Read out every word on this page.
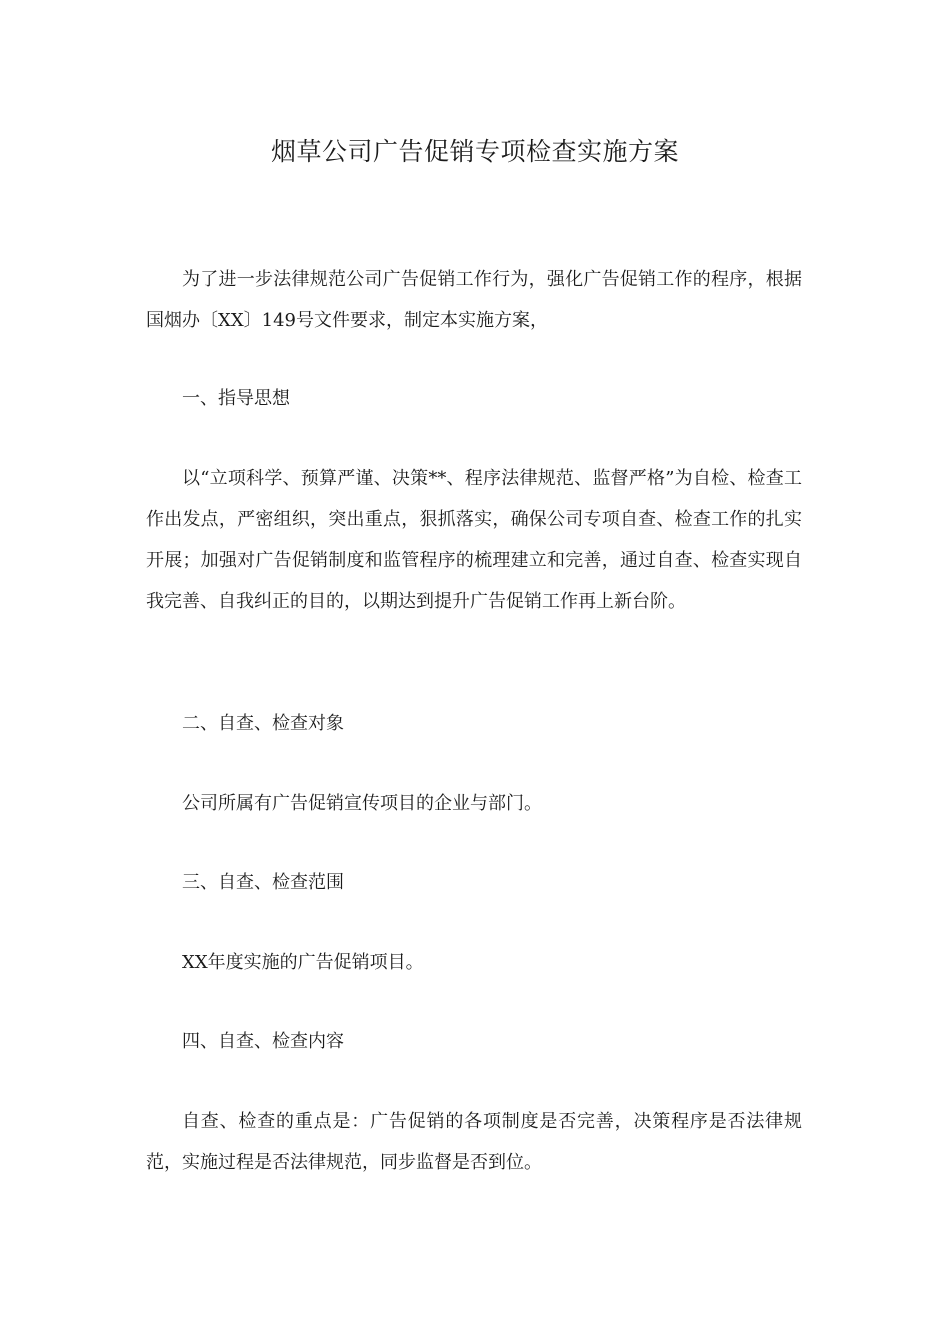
烟草公司广告促销专项检查实施方案

为了进一步法律规范公司广告促销工作行为，强化广告促销工作的程序，根据国烟办〔XX〕149号文件要求，制定本实施方案，

一、指导思想

以“立项科学、预算严谨、决策**、程序法律规范、监督严格”为自检、检查工作出发点，严密组织，突出重点，狠抓落实，确保公司专项自查、检查工作的扎实开展；加强对广告促销制度和监管程序的梳理建立和完善，通过自查、检查实现自我完善、自我纠正的目的，以期达到提升广告促销工作再上新台阶。

二、自查、检查对象

公司所属有广告促销宣传项目的企业与部门。

三、自查、检查范围

XX年度实施的广告促销项目。

四、自查、检查内容

自查、检查的重点是：广告促销的各项制度是否完善，决策程序是否法律规范，实施过程是否法律规范，同步监督是否到位。
